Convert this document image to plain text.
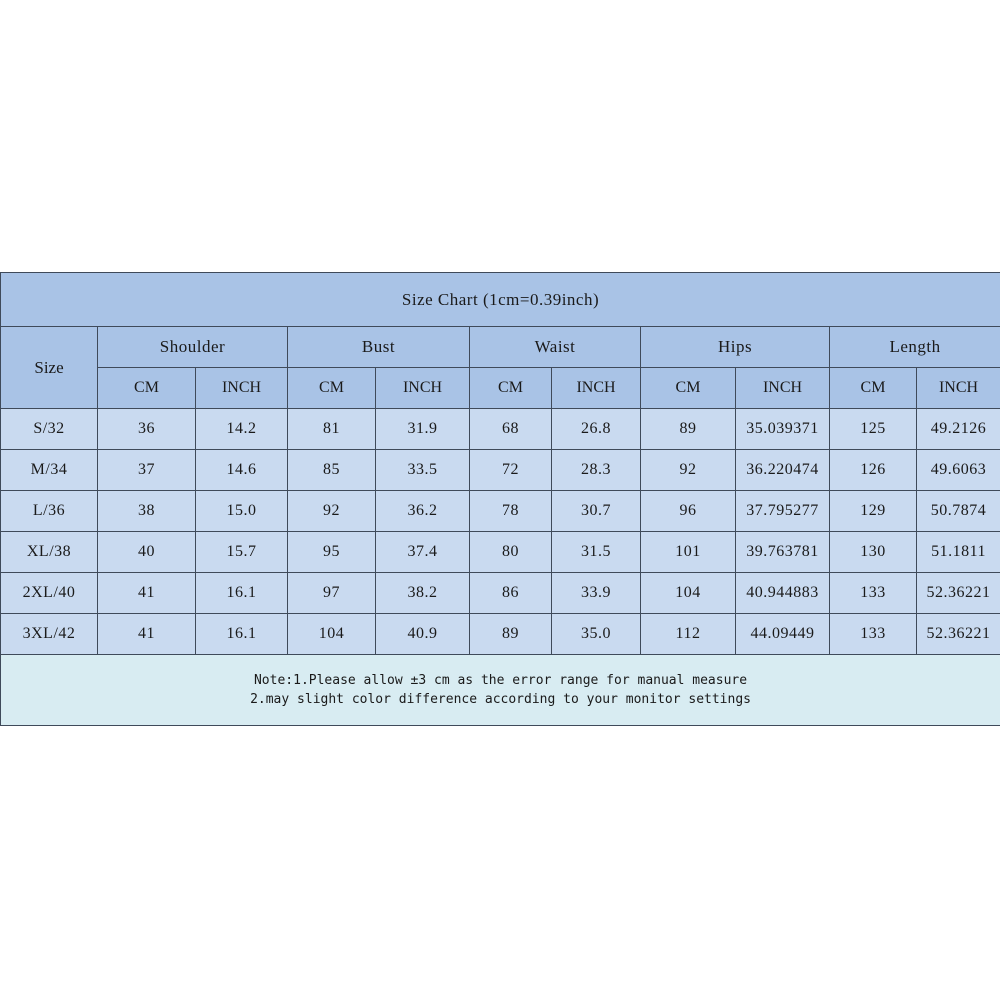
Size Chart (1cm=0.39inch)										
Size	Shoulder		Bust		Waist		Hips		Length	
	CM	INCH	CM	INCH	CM	INCH	CM	INCH	CM	INCH
S/32	36	14.2	81	31.9	68	26.8	89	35.039371	125	49.2126
M/34	37	14.6	85	33.5	72	28.3	92	36.220474	126	49.6063
L/36	38	15.0	92	36.2	78	30.7	96	37.795277	129	50.7874
XL/38	40	15.7	95	37.4	80	31.5	101	39.763781	130	51.1811
2XL/40	41	16.1	97	38.2	86	33.9	104	40.944883	133	52.36221
3XL/42	41	16.1	104	40.9	89	35.0	112	44.09449	133	52.36221

Note:1.Please allow ±3 cm as the error range for manual measure
2.may slight color difference according to your monitor settings										
